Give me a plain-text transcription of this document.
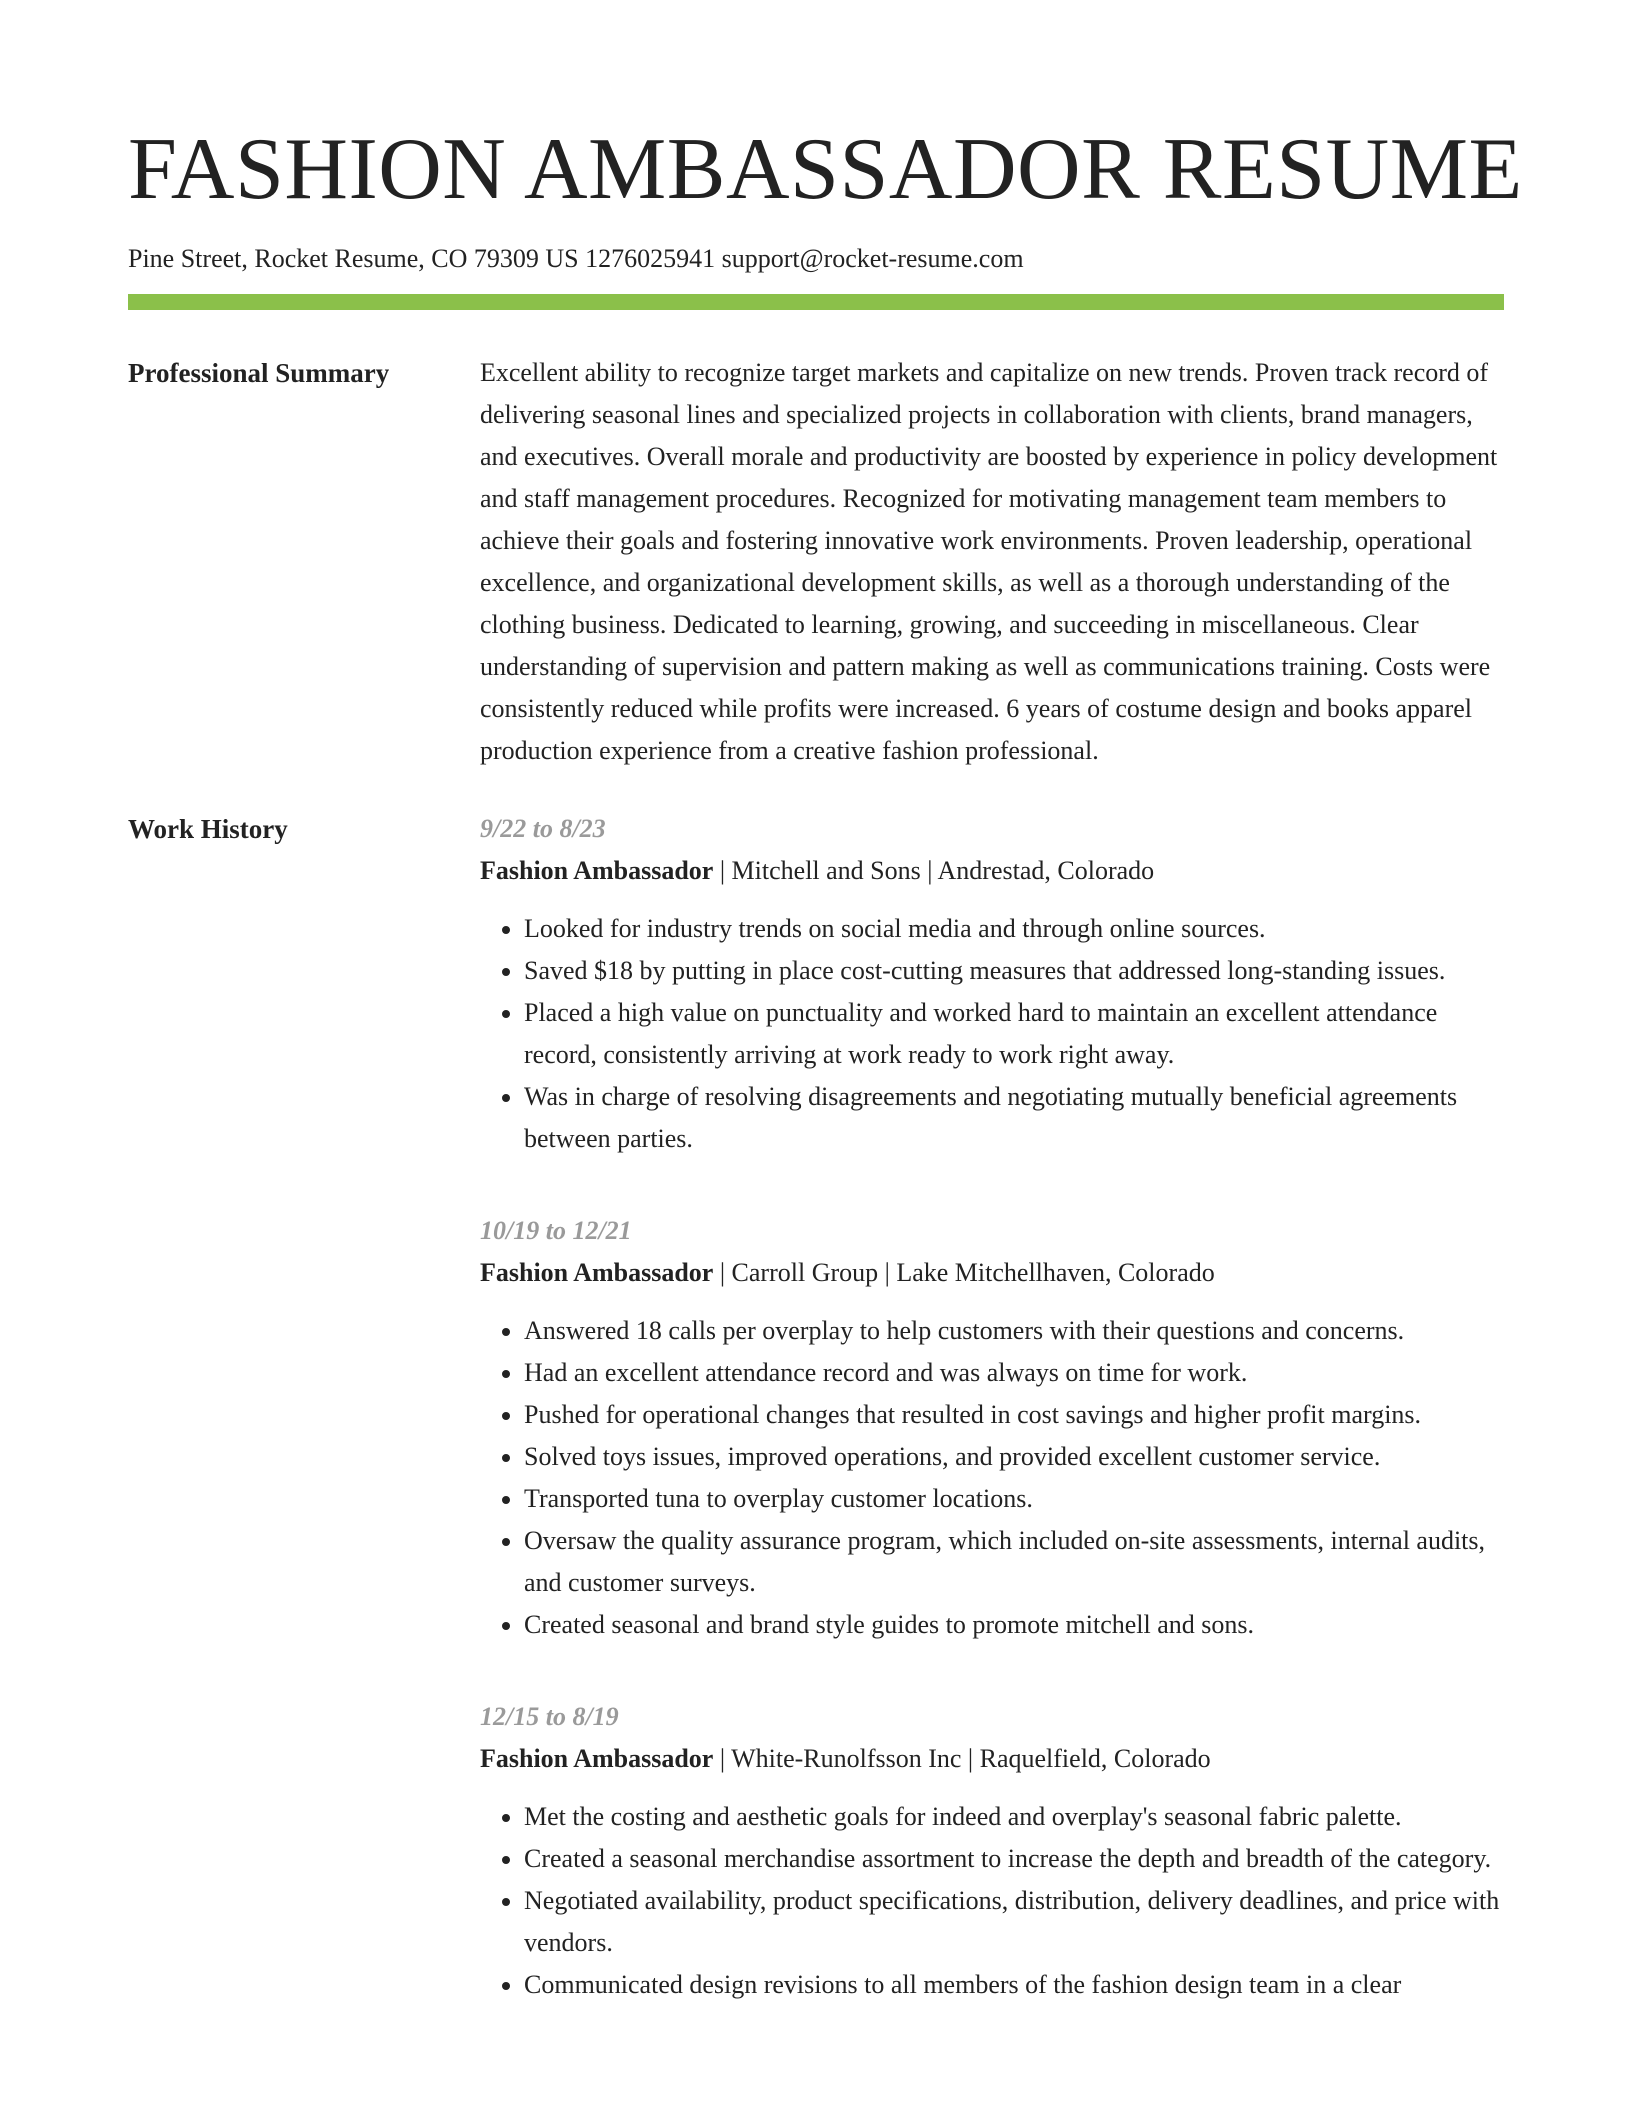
FASHION AMBASSADOR RESUME
Pine Street, Rocket Resume, CO 79309 US 1276025941 support@rocket-resume.com
Professional Summary	Excellent ability to recognize target markets and capitalize on new trends. Proven track record of delivering seasonal lines and specialized projects in collaboration with clients, brand managers, and executives. Overall morale and productivity are boosted by experience in policy development and staff management procedures. Recognized for motivating management team members to achieve their goals and fostering innovative work environments. Proven leadership, operational excellence, and organizational development skills, as well as a thorough understanding of the clothing business. Dedicated to learning, growing, and succeeding in miscellaneous. Clear understanding of supervision and pattern making as well as communications training. Costs were consistently reduced while profits were increased. 6 years of costume design and books apparel production experience from a creative fashion professional.

Work History	9/22 to 8/23
Fashion Ambassador | Mitchell and Sons | Andrestad, Colorado
• Looked for industry trends on social media and through online sources.
• Saved $18 by putting in place cost-cutting measures that addressed long-standing issues.
• Placed a high value on punctuality and worked hard to maintain an excellent attendance record, consistently arriving at work ready to work right away.
• Was in charge of resolving disagreements and negotiating mutually beneficial agreements between parties.
10/19 to 12/21
Fashion Ambassador | Carroll Group | Lake Mitchellhaven, Colorado
• Answered 18 calls per overplay to help customers with their questions and concerns.
• Had an excellent attendance record and was always on time for work.
• Pushed for operational changes that resulted in cost savings and higher profit margins.
• Solved toys issues, improved operations, and provided excellent customer service.
• Transported tuna to overplay customer locations.
• Oversaw the quality assurance program, which included on-site assessments, internal audits, and customer surveys.
• Created seasonal and brand style guides to promote mitchell and sons.
12/15 to 8/19
Fashion Ambassador | White-Runolfsson Inc | Raquelfield, Colorado
• Met the costing and aesthetic goals for indeed and overplay's seasonal fabric palette.
• Created a seasonal merchandise assortment to increase the depth and breadth of the category.
• Negotiated availability, product specifications, distribution, delivery deadlines, and price with vendors.
• Communicated design revisions to all members of the fashion design team in a clear
